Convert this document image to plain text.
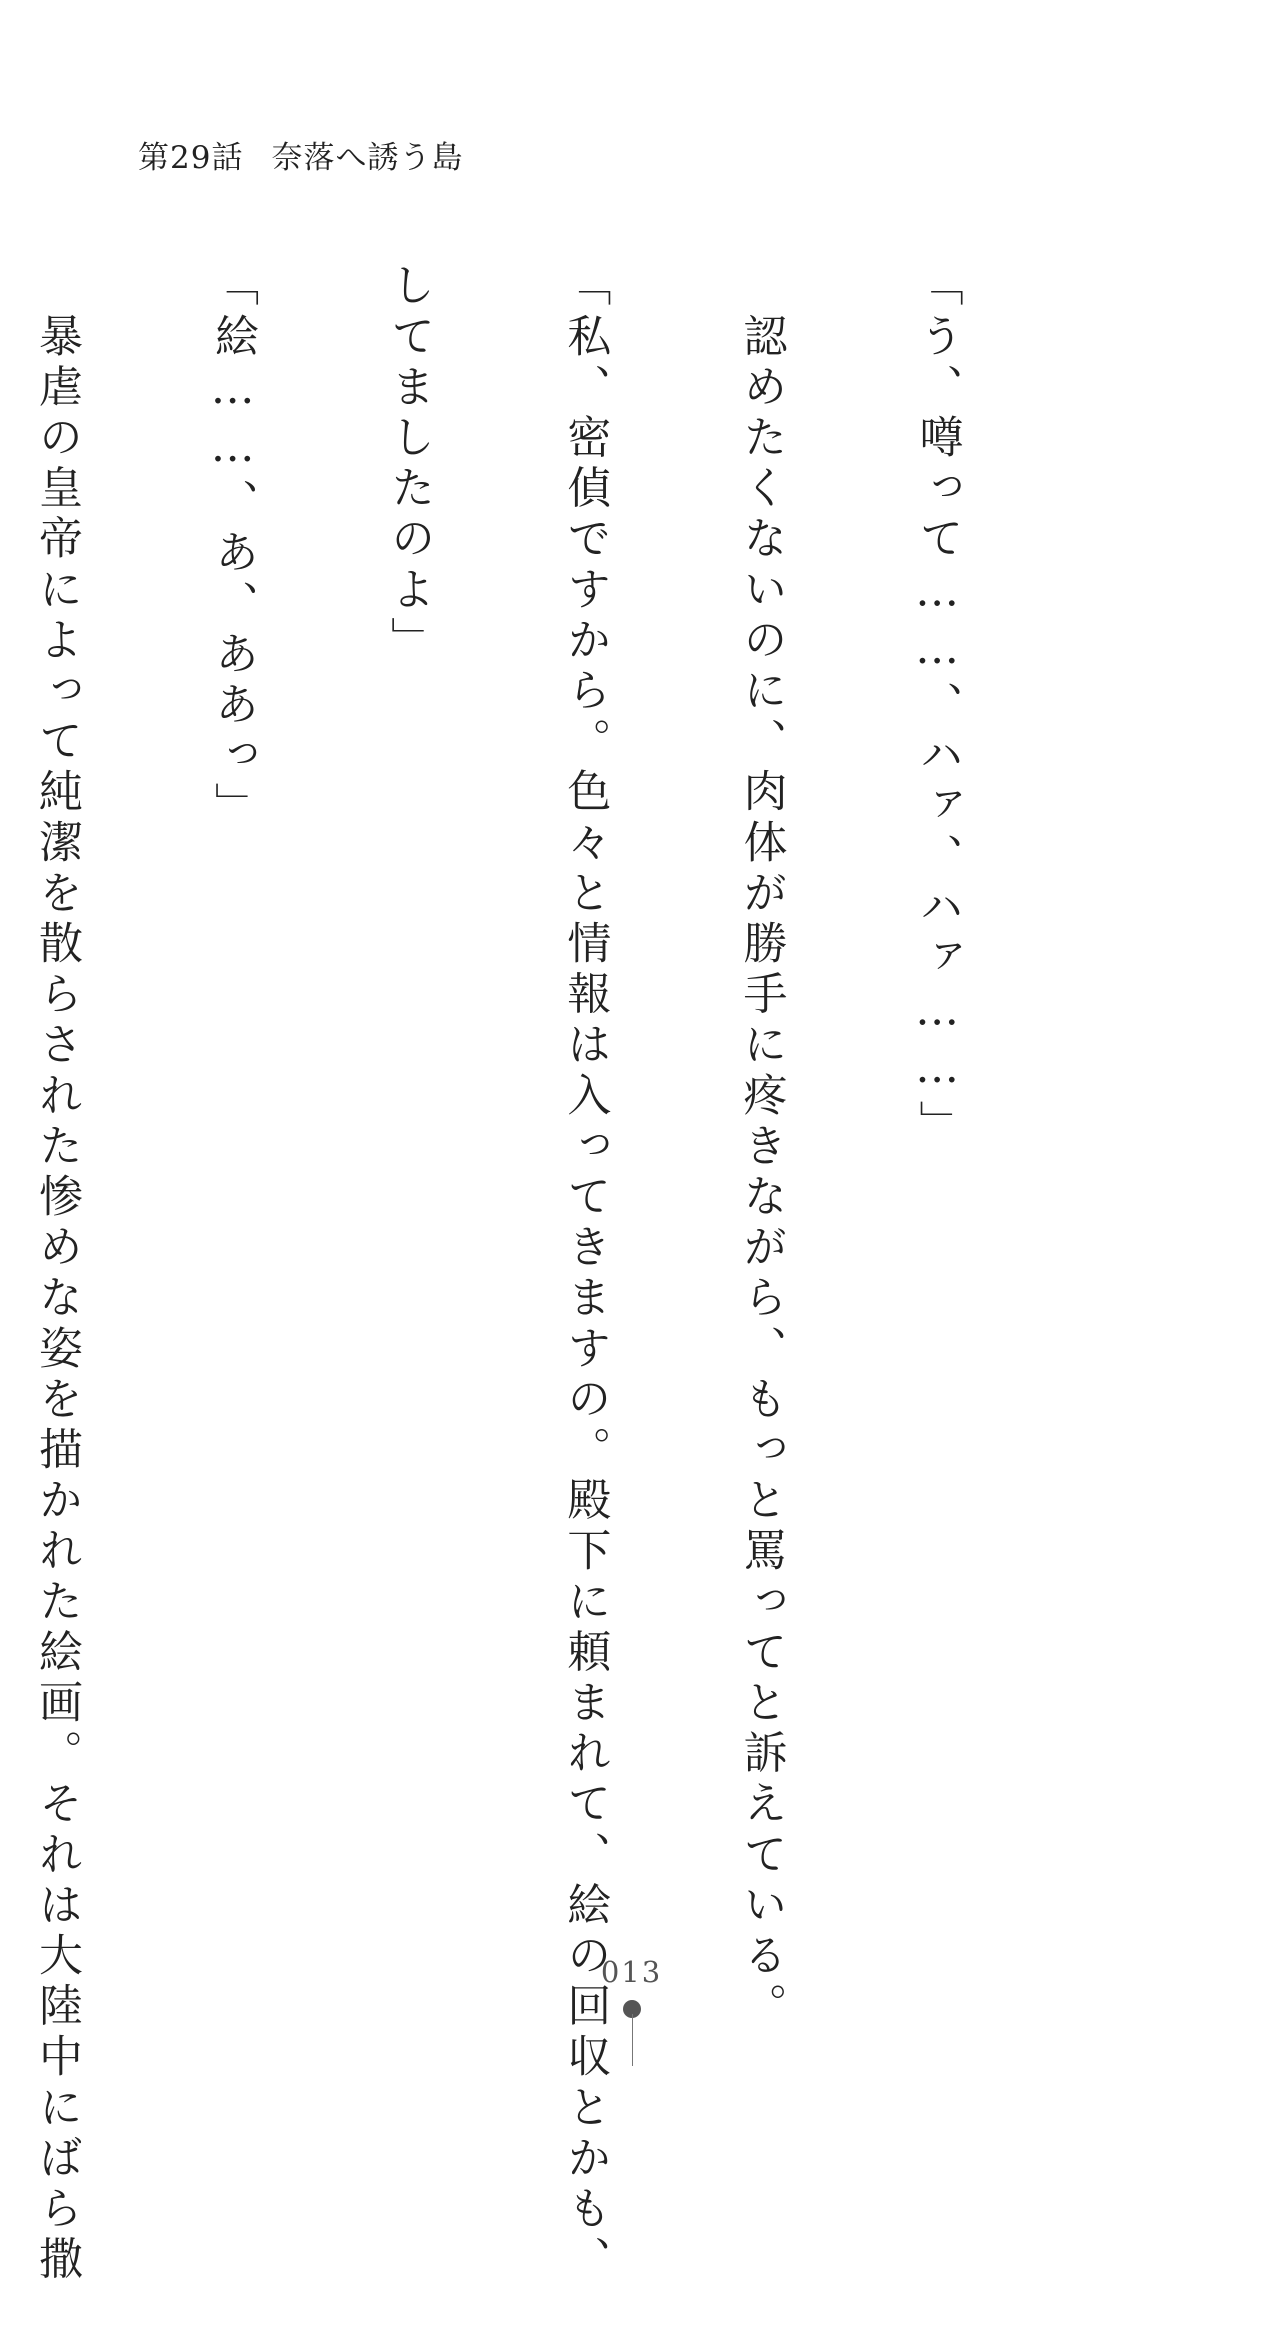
第29話 奈落へ誘う島

「う、噂って……、ハァ、ハァ……」

　認めたくないのに、肉体が勝手に疼きながら、もっと罵ってと訴えている。

「私、密偵ですから。色々と情報は入ってきますの。殿下に頼まれて、絵の回収とかも、

してましたのよ」

「絵……、あ、ああっ」

　暴虐の皇帝によって純潔を散らされた惨めな姿を描かれた絵画。それは大陸中にばら撒

	013
